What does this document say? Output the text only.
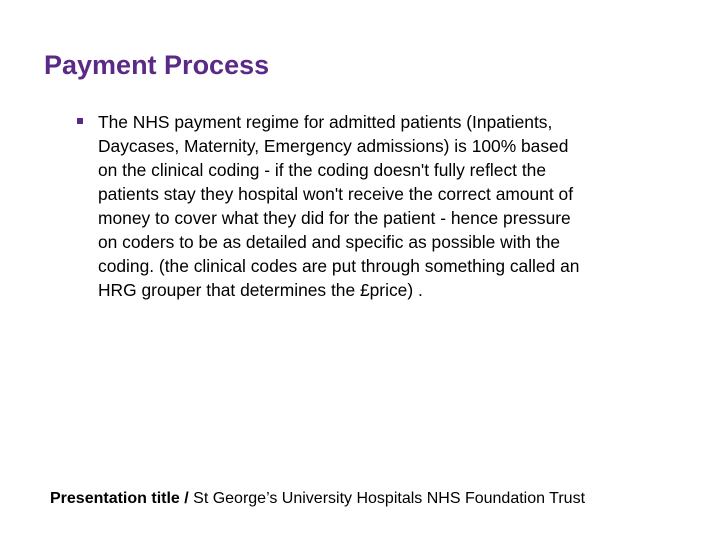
Payment Process
The NHS payment regime for admitted patients (Inpatients,
Daycases, Maternity, Emergency admissions) is 100% based
on the clinical coding - if the coding doesn't fully reflect the
patients stay they hospital won't receive the correct amount of
money to cover what they did for the patient - hence pressure
on coders to be as detailed and specific as possible with the
coding. (the clinical codes are put through something called an
HRG grouper that determines the £price) .
Presentation title / St George’s University Hospitals NHS Foundation Trust
